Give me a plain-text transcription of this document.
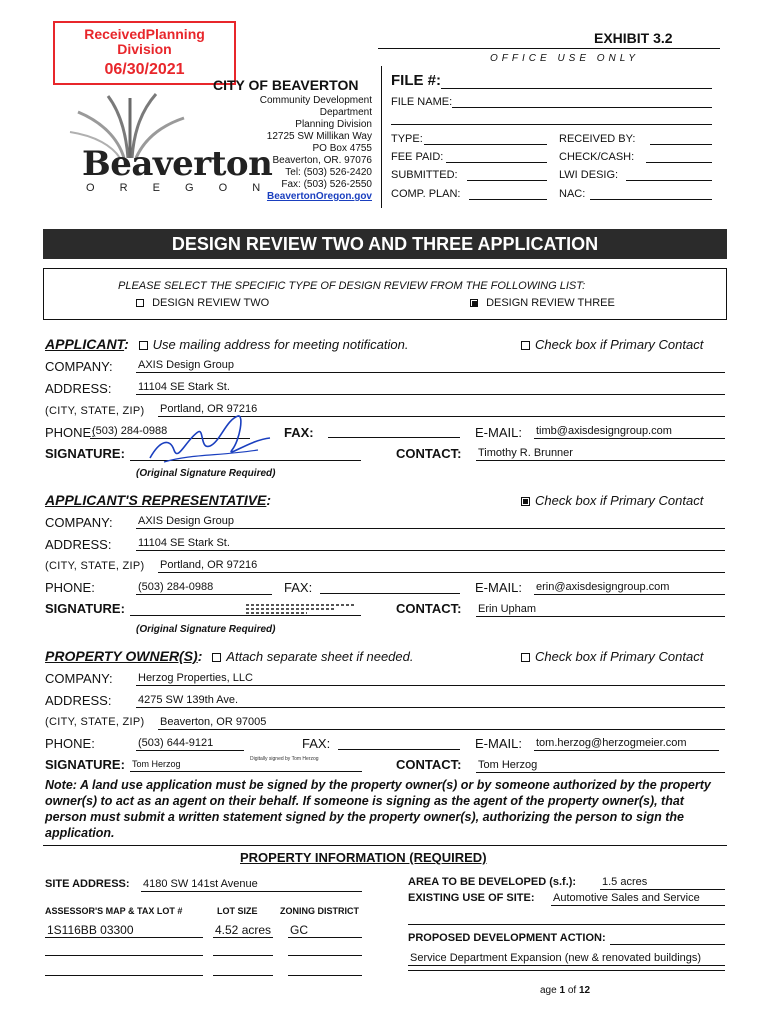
ReceivedPlanning
Division
06/30/2021
EXHIBIT 3.2
OFFICE USE ONLY
Beaverton
O R E G O N
CITY OF BEAVERTON
Community Development
Department
Planning Division
12725 SW Millikan Way
PO Box 4755
Beaverton, OR. 97076
Tel: (503) 526-2420
Fax: (503) 526-2550
BeavertonOregon.gov
FILE #:
FILE NAME:
TYPE:
FEE PAID:
SUBMITTED:
COMP. PLAN:
RECEIVED BY:
CHECK/CASH:
LWI DESIG:
NAC:
DESIGN REVIEW TWO AND THREE APPLICATION
PLEASE SELECT THE SPECIFIC TYPE OF DESIGN REVIEW FROM THE FOLLOWING LIST:
DESIGN REVIEW TWO	DESIGN REVIEW THREE
APPLICANT: Use mailing address for meeting notification.	Check box if Primary Contact
COMPANY: AXIS Design Group
ADDRESS: 11104 SE Stark St.
(CITY, STATE, ZIP) Portland, OR 97216
PHONE:
(503) 284-0988	FAX:	E-MAIL: timb@axisdesigngroup.com
SIGNATURE:	CONTACT: Timothy R. Brunner
(Original Signature Required)
APPLICANT'S REPRESENTATIVE:	Check box if Primary Contact
COMPANY: AXIS Design Group
ADDRESS: 11104 SE Stark St.
(CITY, STATE, ZIP) Portland, OR 97216
PHONE:	(503) 284-0988	FAX:	E-MAIL: erin@axisdesigngroup.com
SIGNATURE:	CONTACT: Erin Upham
(Original Signature Required)
PROPERTY OWNER(S): Attach separate sheet if needed.	Check box if Primary Contact
COMPANY: Herzog Properties, LLC
ADDRESS: 4275 SW 139th Ave.
(CITY, STATE, ZIP) Beaverton, OR 97005
PHONE:	(503) 644-9121	FAX:	E-MAIL: tom.herzog@herzogmeier.com
SIGNATURE: Tom Herzog	Digitally signed by Tom Herzog	CONTACT: Tom Herzog
Note: A land use application must be signed by the property owner(s) or by someone authorized by the property owner(s) to act as an agent on their behalf. If someone is signing as the agent of the property owner(s), that person must submit a written statement signed by the property owner(s), authorizing the person to sign the application.
PROPERTY INFORMATION (REQUIRED)
SITE ADDRESS: 4180 SW 141st Avenue
ASSESSOR'S MAP & TAX LOT #	LOT SIZE	ZONING DISTRICT
1S116BB 03300	4.52 acres GC
AREA TO BE DEVELOPED (s.f.): 1.5 acres
EXISTING USE OF SITE: Automotive Sales and Service
PROPOSED DEVELOPMENT ACTION:
Service Department Expansion (new & renovated buildings)
age 1 of 12
